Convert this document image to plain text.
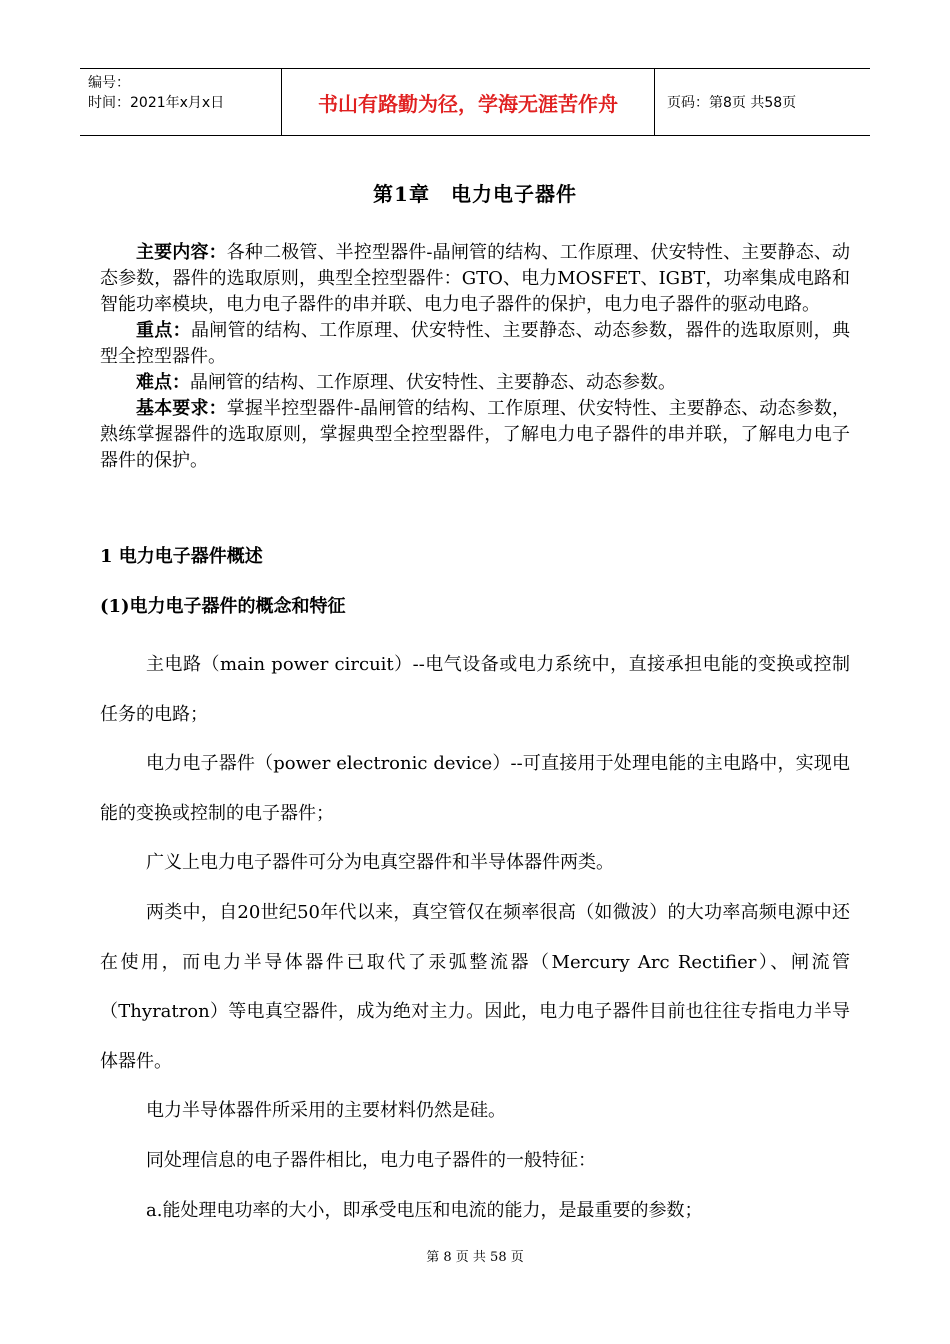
编号：
时间：2021年x月x日	书山有路勤为径，学海无涯苦作舟	页码：第8页 共58页
第1章　电力电子器件

主要内容：各种二极管、半控型器件-晶闸管的结构、工作原理、伏安特性、主要静态、动态参数，器件的选取原则，典型全控型器件：GTO、电力MOSFET、IGBT，功率集成电路和智能功率模块，电力电子器件的串并联、电力电子器件的保护，电力电子器件的驱动电路。

重点：晶闸管的结构、工作原理、伏安特性、主要静态、动态参数，器件的选取原则，典型全控型器件。

难点：晶闸管的结构、工作原理、伏安特性、主要静态、动态参数。

基本要求：掌握半控型器件-晶闸管的结构、工作原理、伏安特性、主要静态、动态参数，熟练掌握器件的选取原则，掌握典型全控型器件，了解电力电子器件的串并联，了解电力电子器件的保护。

1 电力电子器件概述
(1)电力电子器件的概念和特征

主电路（main power circuit）--电气设备或电力系统中，直接承担电能的变换或控制任务的电路；

电力电子器件（power electronic device）--可直接用于处理电能的主电路中，实现电能的变换或控制的电子器件；

广义上电力电子器件可分为电真空器件和半导体器件两类。

两类中，自20世纪50年代以来，真空管仅在频率很高（如微波）的大功率高频电源中还在使用，而电力半导体器件已取代了汞弧整流器（Mercury Arc Rectifier）、闸流管（Thyratron）等电真空器件，成为绝对主力。因此，电力电子器件目前也往往专指电力半导体器件。

电力半导体器件所采用的主要材料仍然是硅。

同处理信息的电子器件相比，电力电子器件的一般特征：

a.能处理电功率的大小，即承受电压和电流的能力，是最重要的参数；

第 8 页 共 58 页
